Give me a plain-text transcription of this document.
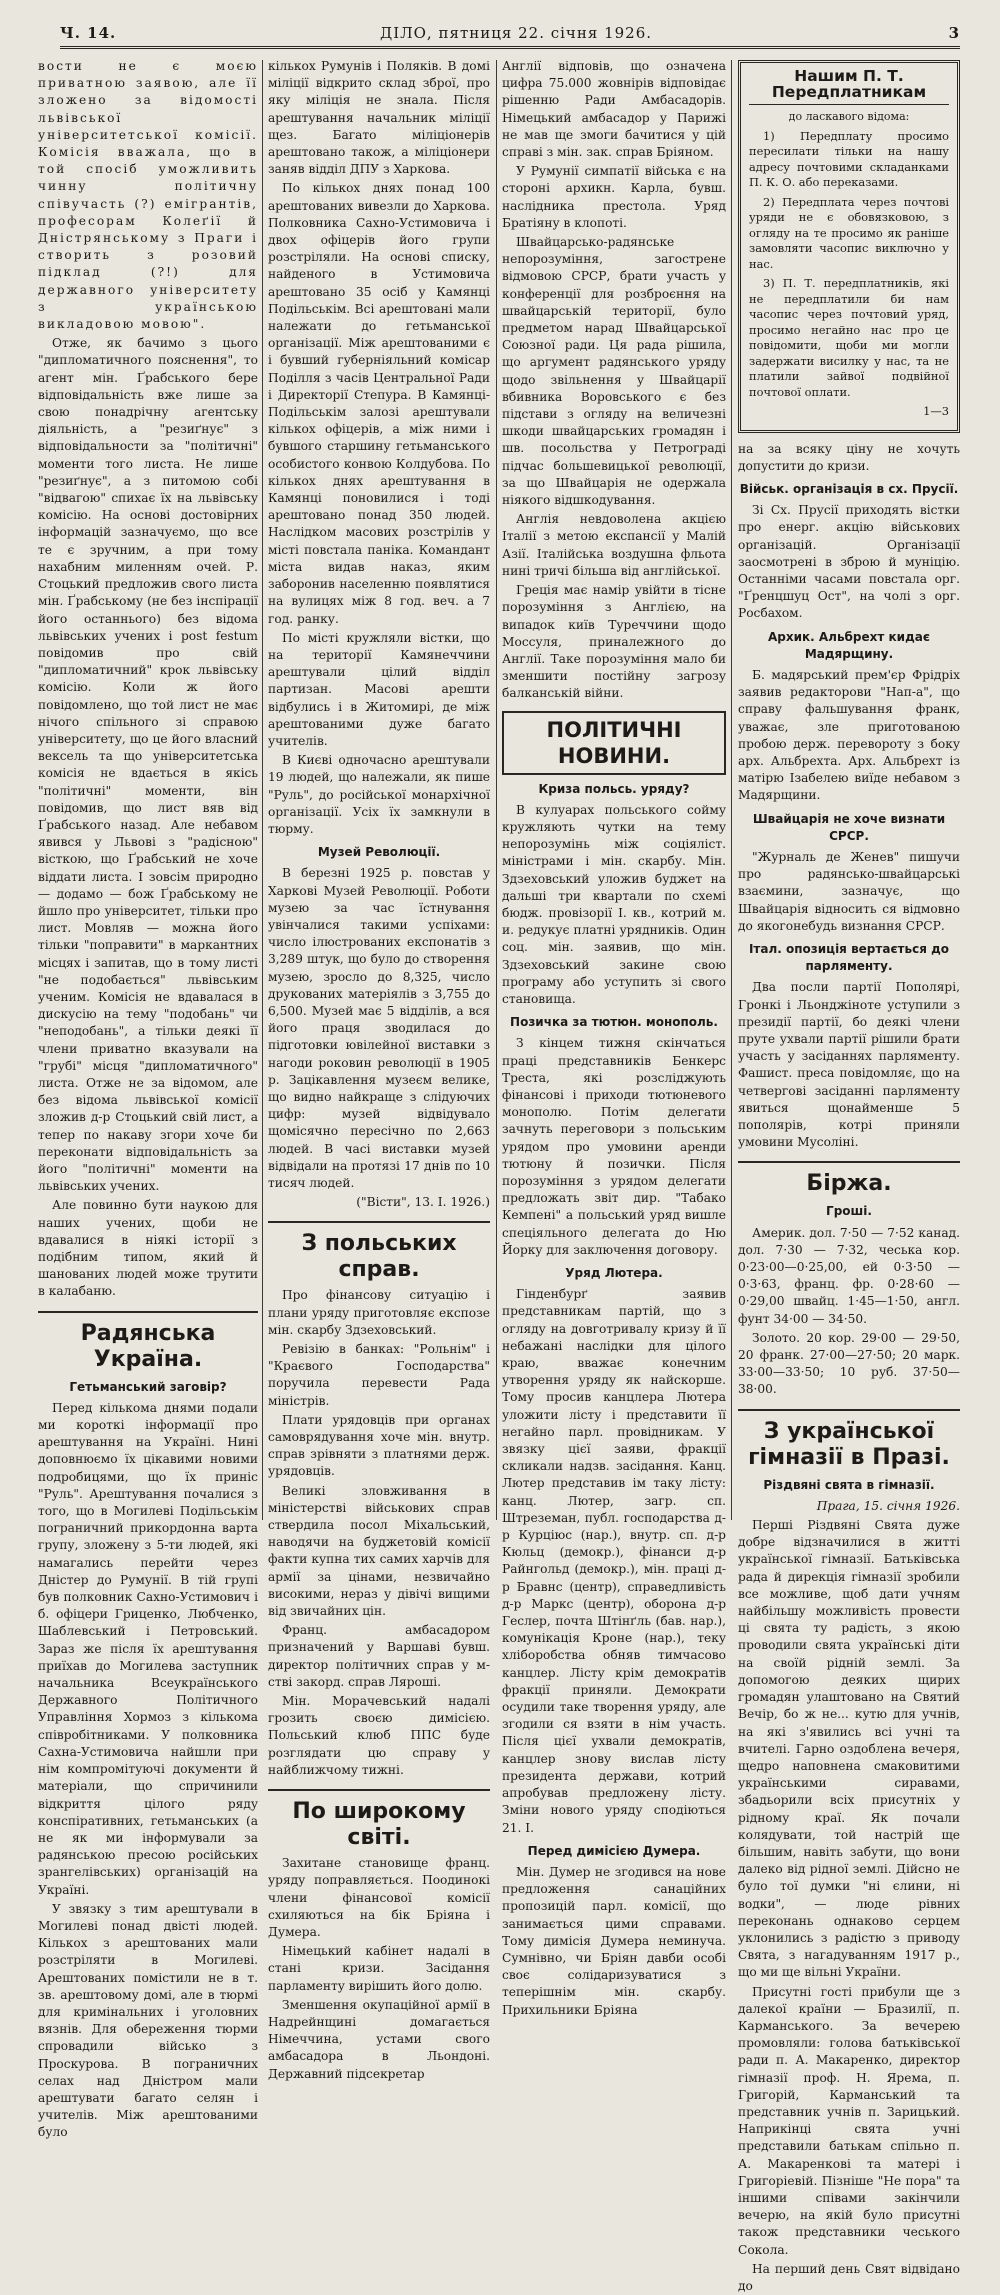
Ч. 14.	ДІЛО, пятниця 22. січня 1926.	3

вости не є моєю приватною заявою, але її зложено за відомості львівської університетської комісії. Комісія вважала, що в той спосіб уможливить чинну політичну співучасть (?) емігрантів, професорам Колеґії й Дністрянському з Праги і створить з розовий підклад (?!) для державного університету з українською викладовою мовою".

Отже, як бачимо з цього "дипломатичного пояснення", то агент мін. Ґрабського бере відповідальність вже лише за свою понадрічну агентську діяльність, а "резиґнує" з відповідальности за "політичні" моменти того листа. Не лише "резиґнує", а з питомою собі "відвагою" спихає їх на львівську комісію. На основі достовірних інформацій зазначуємо, що все те є зручним, а при тому нахабним миленням очей. Р. Стоцький предложив свого листа мін. Ґрабському (не без інспірації його останнього) без відома львівських учених і post festum повідомив про свій "дипломатичний" крок львівську комісію. Коли ж його повідомлено, що той лист не має нічого спільного зі справою університету, що це його власний вексель та що університетська комісія не вдається в якісь "політичні" моменти, він повідомив, що лист вяв від Ґрабського назад. Але небавом явився у Львові з "радісною" вісткою, що Ґрабський не хоче віддати листа. І зовсім природно — додамо — бож Ґрабському не йшло про університет, тільки про лист. Мовляв — можна його тільки "поправити" в маркантних місцях і запитав, що в тому листі "не подобається" львівським ученим. Комісія не вдавалася в дискусію на тему "подобань" чи "неподобань", а тільки деякі її члени приватно вказували на "грубі" місця "дипломатичного" листа. Отже не за відомом, але без відома львівської комісії зложив д-р Стоцький свій лист, а тепер по накаву згори хоче би переконати відповідальність за його "політичні" моменти на львівських учених.

Але повинно бути наукою для наших учених, щоби не вдавалися в ніякі історії з подібним типом, який й шанованих людей може трутити в калабаню.

Радянська Україна.
Гетьманський заговір?

Перед кількома днями подали ми короткі інформації про арештування на Україні. Нині доповнюємо їх цікавими новими подробицями, що їх приніс "Руль". Арештування почалися з того, що в Могилеві Подільськім пограничний прикордонна варта групу, зложену з 5-ти людей, які намагались перейти через Дністер до Румунії. В тій групі був полковник Сахно-Устимович і б. офіцери Гриценко, Любченко, Шаблевський і Петровський. Зараз же після їх арештування приїхав до Могилева заступник начальника Всеукраїнського Державного Політичного Управління Хормоз з кількома співробітниками. У полковника Сахна-Устимовича найшли при нім компромітуючі документи й матеріали, що спричинили відкриття цілого ряду конспіративних, гетьманських (а не як ми інформували за радянською пресою російських зрангелівських) організацій на Україні.

У звязку з тим арештували в Могилеві понад двісті людей. Кількох з арештованих мали розстріляти в Могилеві. Арештованих помістили не в т. зв. арештовому домі, але в тюрмі для кримінальних і уголовних вязнів. Для обереження тюрми спровадили військо з Проскурова. В пограничних селах над Дністром мали арештувати багато селян і учителів. Між арештованими було

кількох Румунів і Поляків. В домі міліції відкрито склад зброї, про яку міліція не знала. Після арештування начальник міліції щез. Багато міліціонерів арештовано також, а міліціонери заняв відділ ДПУ з Харкова.

По кількох днях понад 100 арештованих вивезли до Харкова. Полковника Сахно-Устимовича і двох офіцерів його групи розстріляли. На основі списку, найденого в Устимовича арештовано 35 осіб у Камянці Подільськім. Всі арештовані мали належати до гетьманської організації. Між арештованими є і бувший губерніяльний комісар Поділля з часів Центральної Ради і Директорії Степура. В Камянці-Подільськім залозі арештували кількох офіцерів, а між ними і бувшого старшину гетьманського особистого конвою Колдубова. По кількох днях арештування в Камянці поновилися і тоді арештовано понад 350 людей. Наслідком масових розстрілів у місті повстала паніка. Командант міста видав наказ, яким заборонив населенню появлятися на вулицях між 8 год. веч. а 7 год. ранку.

По місті кружляли вістки, що на території Камянеччини арештували цілий відділ партизан. Масові арешти відбулись і в Житомирі, де між арештованими дуже багато учителів.

В Києві одночасно арештували 19 людей, що належали, як пише "Руль", до російської монархічної організації. Усіх їх замкнули в тюрму.

Музей Революції.

В березні 1925 р. повстав у Харкові Музей Революції. Роботи музею за час їстнування увінчалися такими успіхами: число ілюстрованих експонатів з 3,289 штук, що було до створення музею, зросло до 8,325, число друкованих матеріялів з 3,755 до 6,500. Музей має 5 відділів, а вся його праця зводилася до підготовки ювілейної виставки з нагоди роковин революції в 1905 р. Зацікавлення музеєм велике, що видно найкраще з слідуючих цифр: музей відвідувало щомісячно пересічно по 2,663 людей. В часі виставки музей відвідали на протязі 17 днів по 10 тисяч людей.

("Вісти", 13. І. 1926.)

З польських справ.

Про фінансову ситуацію і плани уряду приготовляє експозе мін. скарбу Здзеховський.

Ревізію в банках: "Рольнім" і "Краєвого Господарства" поручила перевести Рада міністрів.

Плати урядовців при органах самоврядування хоче мін. внутр. справ зрівняти з платнями держ. урядовців.

Великі зловживання в міністерстві військових справ ствердила посол Міхальський, наводячи на буджетовій комісії факти купна тих самих харчів для армії за цінами, незвичайно високими, нераз у дівічі вищими від звичайних цін.

Франц. амбасадором призначений у Варшаві бувш. директор політичних справ у м-стві закорд. справ Ляроші.

Мін. Морачевський надалі грозить своєю димісією. Польський клюб ППС буде розглядати цю справу у найближчому тижні.

По широкому світі.

Захитане становище франц. уряду поправляється. Поодинокі члени фінансової комісії схиляються на бік Бріяна і Думера.

Німецький кабінет надалі в стані кризи. Засідання парламенту вирішить його долю.

Зменшення окупаційної армії в Надрейнщині домагається Німеччина, устами свого амбасадора в Льондоні. Державний підсекретар

Англії відповів, що означена цифра 75.000 жовнірів відповідає рішенню Ради Амбасадорів. Німецький амбасадор у Парижі не мав ще змоги бачитися у цій справі з мін. зак. справ Бріяном.

У Румунії симпатії війська є на стороні архикн. Карла, бувш. наслідника престола. Уряд Братіяну в клопоті.

Швайцарсько-радянське непорозуміння, загострене відмовою СРСР, брати участь у конференції для розброєння на швайцарській території, було предметом нарад Швайцарської Союзної ради. Ця рада рішила, що аргумент радянського уряду щодо звільнення у Швайцарії вбивника Воровського є без підстави з огляду на величезні шкоди швайцарських громадян і шв. посольства у Петрограді підчас большевицької революції, за що Швайцарія не одержала ніякого відшкодування.

Англія невдоволена акцією Італії з метою експансії у Малій Азії. Італійська воздушна фльота нині тричі більша від англійської.

Греція має намір увійти в тісне порозуміння з Англією, на випадок київ Туреччини щодо Моссуля, приналежного до Англії. Таке порозуміння мало би зменшити постійну загрозу балканській війни.

ПОЛІТИЧНІ НОВИНИ.
Криза польсь. уряду?

В кулуарах польського сойму кружляють чутки на тему непорозумінь між соціяліст. міністрами і мін. скарбу. Мін. Здзеховський уложив буджет на дальші три квартали по схемі бюдж. провізорії І. кв., котрий м. и. редукує платні урядників. Один соц. мін. заявив, що мін. Здзеховський закине свою програму або уступить зі свого становища.

Позичка за тютюн. монополь.

З кінцем тижня скінчаться праці представників Бенкерс Треста, які розсліджують фінансові і приходи тютюневого монополю. Потім делегати зачнуть переговори з польським урядом про умовини аренди тютюну й позички. Після порозуміння з урядом делегати предложать звіт дир. "Табако Кемпені" а польський уряд вишле спеціяльного делегата до Ню Йорку для заключення договору.

Уряд Лютера.

Гінденбурґ заявив представникам партій, що з огляду на довготривалу кризу й її небажані наслідки для цілого краю, вважає конечним утворення уряду як найскорше. Тому просив канцлера Лютера уложити лісту і представити її негайно парл. провідникам. У звязку цієї заяви, фракції скликали надзв. засідання. Канц. Лютер представив ім таку лісту: канц. Лютер, загр. сп. Штреземан, публ. господарства д-р Курціюс (нар.), внутр. сп. д-р Кюльц (демокр.), фінанси д-р Райнгольд (демокр.), мін. праці д-р Бравнс (центр), справедливість д-р Маркс (центр), оборона д-р Геслер, почта Штінґль (бав. нар.), комунікація Кроне (нар.), теку хліборобства обняв тимчасово канцлер. Лісту крім демократів фракції приняли. Демократи осудили таке творення уряду, але згодили ся взяти в нім участь. Після цієї ухвали демократів, канцлер знову вислав лісту президента держави, котрий апробував предложену лісту. Зміни нового уряду сподіються 21. І.

Перед димісією Думера.

Мін. Думер не згодився на нове предложення санаційних пропозицій парл. комісії, що занимається цими справами. Тому димісія Думера неминуча. Сумнівно, чи Бріян давби особі своє солідаризуватися з теперішнім мін. скарбу. Прихильники Бріяна

Нашим П. Т. Передплатникам
до ласкавого відома:

1) Передплату просимо пересилати тільки на нашу адресу почтовими складанками П. К. О. або переказами.

2) Передплата через почтові уряди не є обовязковою, з огляду на те просимо як раніше замовляти часопис виключно у нас.

3) П. Т. передплатників, які не передплатили би нам часопис через почтовий уряд, просимо негайно нас про це повідомити, щоби ми могли задержати висилку у нас, та не платили зайвої подвійної почтової оплати.

1—3

на за всяку ціну не хочуть допустити до кризи.

Військ. організація в сх. Прусії.

Зі Сх. Прусії приходять вістки про енерг. акцію військових організацій. Організації заосмотрені в зброю й муніцію. Останніми часами повстала орг. "Ґренцшуц Ост", на чолі з орг. Росбахом.

Архик. Альбрехт кидає Мадярщину.

Б. мадярський прем'єр Фрідріх заявив редакторови "Нап-а", що справу фальшування франк, уважає, зле приготованою пробою держ. перевороту з боку арх. Альбрехта. Арх. Альбрехт із матірю Ізабелею виїде небавом з Мадярщини.

Швайцарія не хоче визнати СРСР.

"Журналь де Женев" пишучи про радянсько-швайцарські взаємини, зазначує, що Швайцарія відносить ся відмовно до якогонебудь визнання СРСР.

Італ. опозиція вертається до парляменту.

Два посли партії Пополярі, Гронкі і Льонджіноте уступили з президії партії, бо деякі члени пруте ухвали партії рішили брати участь у засіданнях парляменту. Фашист. преса повідомляє, що на четвергові засіданні парляменту явиться щонайменше 5 пополярів, котрі приняли умовини Мусоліні.

Біржа.
Гроші.

Америк. дол. 7·50 — 7·52 канад. дол. 7·30 — 7·32, чеська кор. 0·23·00—0·25,00, ей 0·3·50 — 0·3·63, франц. фр. 0·28·60 — 0·29,00 швайц. 1·45—1·50, англ. фунт 34·00 — 34·50.

Золото. 20 кор. 29·00 — 29·50, 20 франк. 27·00—27·50; 20 марк. 33·00—33·50; 10 руб. 37·50—38·00.

З української гімназії в Празі.
Різдвяні свята в гімназії.

Прага, 15. січня 1926.

Перші Різдвяні Свята дуже добре відзначилися в житті української гімназії. Батьківська рада й дирекція гімназії зробили все можливе, щоб дати учням найбільшу можливість провести ці свята ту радість, з якою проводили свята українські діти на своїй рідній землі. За допомогою деяких щирих громадян улаштовано на Святий Вечір, бо ж не... кутю для учнів, на які з'явились всі учні та вчителі. Гарно оздоблена вечеря, щедро наповнена смаковитими українськими сиравами, збадьорили всіх присутніх у рідному краї. Як почали колядувати, той настрій ще більшим, навіть забути, що вони далеко від рідної землі. Дійсно не було тої думки "ні єлини, ні водки", — люде рівних переконань однаково серцем уклонились з радістю з приводу Свята, з нагадуванням 1917 р., що ми ще вільні України.

Присутні гості прибули ще з далекої країни — Бразилії, п. Карманського. За вечерею промовляли: голова батьківської ради п. А. Макаренко, директор гімназії проф. Н. Ярема, п. Григорій, Карманський та представник учнів п. Зарицький. Наприкінці свята учні представили батькам спільно п. А. Макаренкові та матері і Григоріевій. Пізніше "Не пора" та іншими співами закінчили вечерю, на якій було присутні також представники чеського Сокола.

На перший день Свят відвідано до
